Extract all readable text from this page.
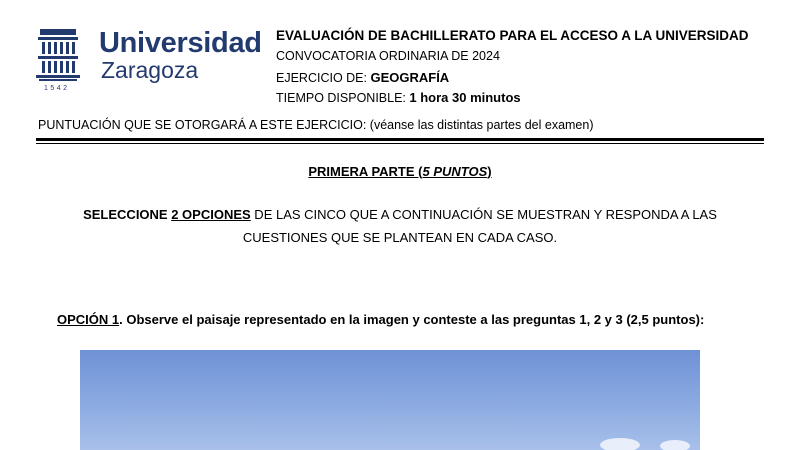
1542
Universidad
Zaragoza
EVALUACIÓN DE BACHILLERATO PARA EL ACCESO A LA UNIVERSIDAD
CONVOCATORIA ORDINARIA DE 2024
EJERCICIO DE: GEOGRAFÍA
TIEMPO DISPONIBLE: 1 hora 30 minutos
PUNTUACIÓN QUE SE OTORGARÁ A ESTE EJERCICIO: (véanse las distintas partes del examen)
PRIMERA PARTE (5 PUNTOS)
SELECCIONE 2 OPCIONES DE LAS CINCO QUE A CONTINUACIÓN SE MUESTRAN Y RESPONDA A LAS CUESTIONES QUE SE PLANTEAN EN CADA CASO.
OPCIÓN 1. Observe el paisaje representado en la imagen y conteste a las preguntas 1, 2 y 3 (2,5 puntos):
